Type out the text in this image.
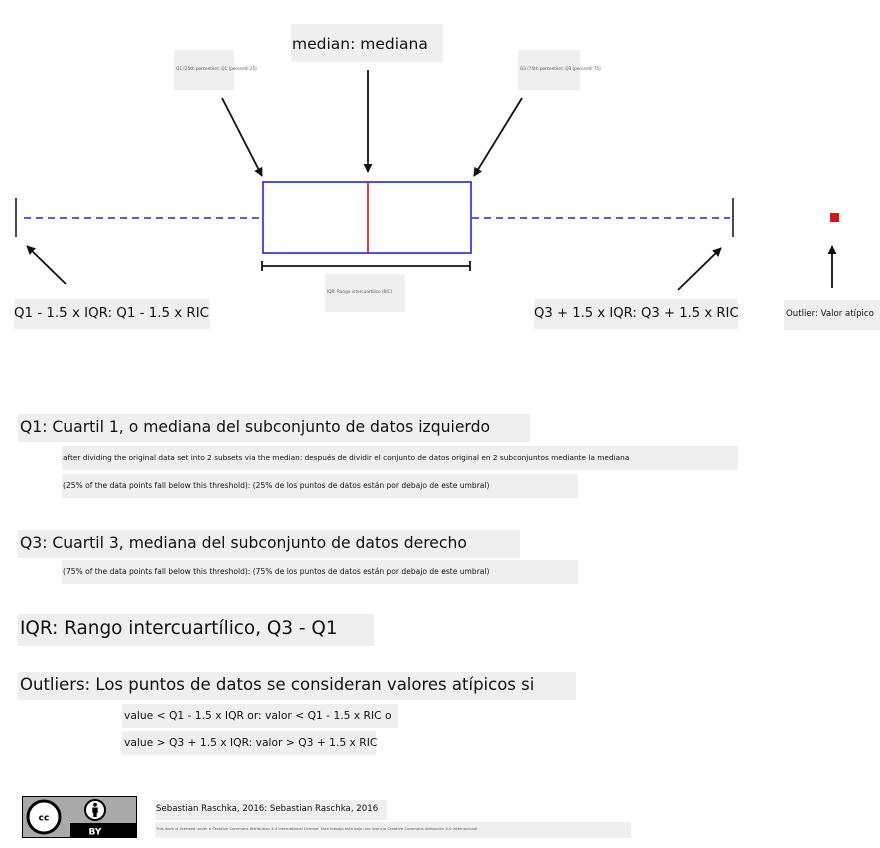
median: mediana
Q1 (25th percentile): Q1 (percentil 25)	Q3 (75th percentile): Q3 (percentil 75)
IQR: Rango intercuartílico (RIC)
Q1 - 1.5 x IQR: Q1 - 1.5 x RIC	Q3 + 1.5 x IQR: Q3 + 1.5 x RIC	Outlier: Valor atípico
Q1: Cuartil 1, o mediana del subconjunto de datos izquierdo
after dividing the original data set into 2 subsets via the median: después de dividir el conjunto de datos original en 2 subconjuntos mediante la mediana
(25% of the data points fall below this threshold): (25% de los puntos de datos están por debajo de este umbral)
Q3: Cuartil 3, mediana del subconjunto de datos derecho
(75% of the data points fall below this threshold): (75% de los puntos de datos están por debajo de este umbral)
IQR: Rango intercuartílico, Q3 - Q1
Outliers: Los puntos de datos se consideran valores atípicos si
value < Q1 - 1.5 x IQR or: valor < Q1 - 1.5 x RIC o
value > Q3 + 1.5 x IQR: valor > Q3 + 1.5 x RIC
cc
BY
Sebastian Raschka, 2016: Sebastian Raschka, 2016
This work is licensed under a Creative Commons Attribution 4.0 International License: Este trabajo está bajo una licencia Creative Commons Atribución 4.0 Internacional
